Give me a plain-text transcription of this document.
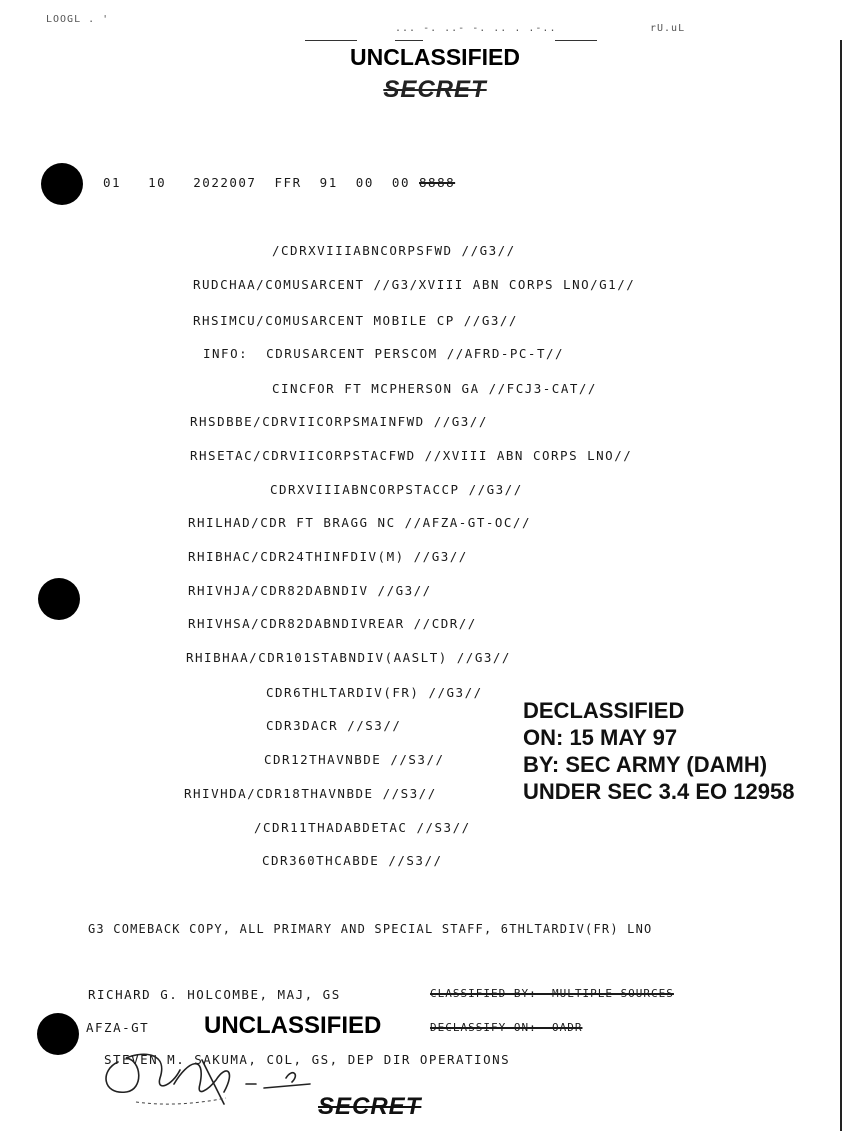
LOOGL . '
... -. ..- -. .. . .-..	rU.uL
UNCLASSIFIED
SECRET
01 10 2022007 FFR 91 00 00 8888
/CDRXVIIIABNCORPSFWD //G3//
RUDCHAA/COMUSARCENT //G3/XVIII ABN CORPS LNO/G1//
RHSIMCU/COMUSARCENT MOBILE CP //G3//
INFO:  CDRUSARCENT PERSCOM //AFRD-PC-T//
CINCFOR FT MCPHERSON GA //FCJ3-CAT//
RHSDBBE/CDRVIICORPSMAINFWD //G3//
RHSETAC/CDRVIICORPSTACFWD //XVIII ABN CORPS LNO//
CDRXVIIIABNCORPSTACCP //G3//
RHILHAD/CDR FT BRAGG NC //AFZA-GT-OC//
RHIBHAC/CDR24THINFDIV(M) //G3//
RHIVHJA/CDR82DABNDIV //G3//
RHIVHSA/CDR82DABNDIVREAR //CDR//
RHIBHAA/CDR101STABNDIV(AASLT) //G3//
CDR6THLTARDIV(FR) //G3//
CDR3DACR //S3//
CDR12THAVNBDE //S3//
RHIVHDA/CDR18THAVNBDE //S3//
/CDR11THADABDETAC //S3//
CDR360THCABDE //S3//
DECLASSIFIED
ON: 15 MAY 97
BY: SEC ARMY (DAMH)
UNDER SEC 3.4 EO 12958
G3 COMEBACK COPY, ALL PRIMARY AND SPECIAL STAFF, 6THLTARDIV(FR) LNO
RICHARD G. HOLCOMBE, MAJ, GS	CLASSIFIED BY:  MULTIPLE SOURCES
AFZA-GT UNCLASSIFIED	DECLASSIFY ON:  OADR
STEVEN M. SAKUMA, COL, GS, DEP DIR OPERATIONS
SECRET
